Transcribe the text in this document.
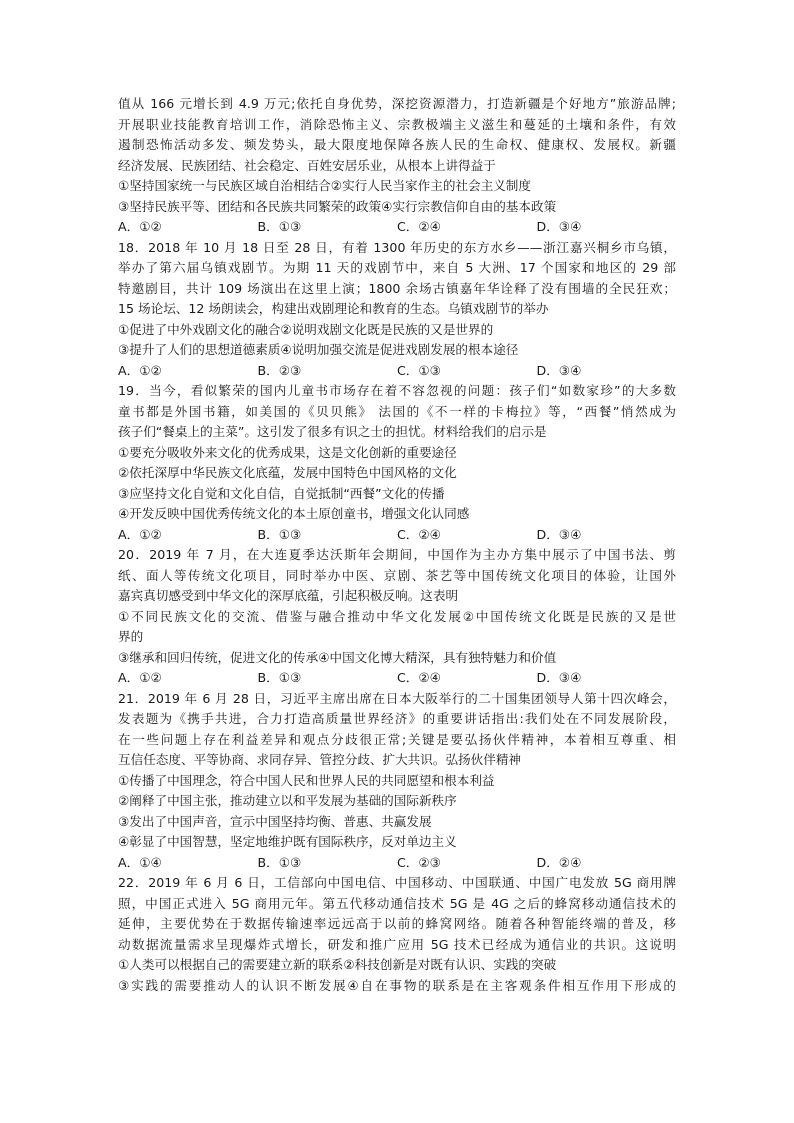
值从 166 元增长到 4.9 万元;依托自身优势，深挖资源潜力，打造新疆是个好地方”旅游品牌;
开展职业技能教育培训工作，消除恐怖主义、宗教极端主义滋生和蔓延的土壤和条件，有效
遏制恐怖活动多发、频发势头，最大限度地保障各族人民的生命权、健康权、发展权。新疆
经济发展、民族团结、社会稳定、百姓安居乐业，从根本上讲得益于
①坚持国家统一与民族区域自治相结合②实行人民当家作主的社会主义制度
③坚持民族平等、团结和各民族共同繁荣的政策④实行宗教信仰自由的基本政策
A．①②	B．①③	C．②④	D．③④
18．2018 年 10 月 18 日至 28 日，有着 1300 年历史的东方水乡——浙江嘉兴桐乡市乌镇，
举办了第六届乌镇戏剧节。为期 11 天的戏剧节中，来自 5 大洲、17 个国家和地区的 29 部
特邀剧目，共计 109 场演出在这里上演；1800 余场古镇嘉年华诠释了没有围墙的全民狂欢；
15 场论坛、12 场朗读会，构建出戏剧理论和教育的生态。乌镇戏剧节的举办
①促进了中外戏剧文化的融合②说明戏剧文化既是民族的又是世界的
③提升了人们的思想道德素质④说明加强交流是促进戏剧发展的根本途径
A．①②	B．②③	C．①③	D．③④
19．当今，看似繁荣的国内儿童书市场存在着不容忽视的问题：孩子们“如数家珍”的大多数
童书都是外国书籍，如美国的《贝贝熊》 法国的《不一样的卡梅拉》等，“西餐”悄然成为
孩子们“餐桌上的主菜”。这引发了很多有识之士的担忧。材料给我们的启示是
①要充分吸收外来文化的优秀成果，这是文化创新的重要途径
②依托深厚中华民族文化底蕴，发展中国特色中国风格的文化
③应坚持文化自觉和文化自信，自觉抵制“西餐”文化的传播
④开发反映中国优秀传统文化的本土原创童书，增强文化认同感
A．①②	B．①③	C．②④	D．③④
20．2019 年 7 月，在大连夏季达沃斯年会期间，中国作为主办方集中展示了中国书法、剪
纸、面人等传统文化项目，同时举办中医、京剧、茶艺等中国传统文化项目的体验，让国外
嘉宾真切感受到中华文化的深厚底蕴，引起积极反响。这表明
①不同民族文化的交流、借鉴与融合推动中华文化发展②中国传统文化既是民族的又是世
界的
③继承和回归传统，促进文化的传承④中国文化博大精深，具有独特魅力和价值
A．①②	B．①③	C．②④	D．③④
21．2019 年 6 月 28 日，习近平主席出席在日本大阪举行的二十国集团领导人第十四次峰会，
发表题为《携手共进，合力打造高质量世界经济》的重要讲话指出:我们处在不同发展阶段，
在一些问题上存在利益差异和观点分歧很正常;关键是要弘扬伙伴精神，本着相互尊重、相
互信任态度、平等协商、求同存异、管控分歧、扩大共识。弘扬伙伴精神
①传播了中国理念，符合中国人民和世界人民的共同愿望和根本利益
②阐释了中国主张，推动建立以和平发展为基础的国际新秩序
③发出了中国声音，宣示中国坚持均衡、普惠、共赢发展
④彰显了中国智慧，坚定地维护既有国际秩序，反对单边主义
A．①④	B．①③	C．②③	D．②④
22．2019 年 6 月 6 日，工信部向中国电信、中国移动、中国联通、中国广电发放 5G 商用牌
照，中国正式进入 5G 商用元年。第五代移动通信技术 5G 是 4G 之后的蜂窝移动通信技术的
延伸，主要优势在于数据传输速率远远高于以前的蜂窝网络。随着各种智能终端的普及，移
动数据流量需求呈现爆炸式增长，研发和推广应用 5G 技术已经成为通信业的共识。这说明
①人类可以根据自己的需要建立新的联系②科技创新是对既有认识、实践的突破
③实践的需要推动人的认识不断发展④自在事物的联系是在主客观条件相互作用下形成的
